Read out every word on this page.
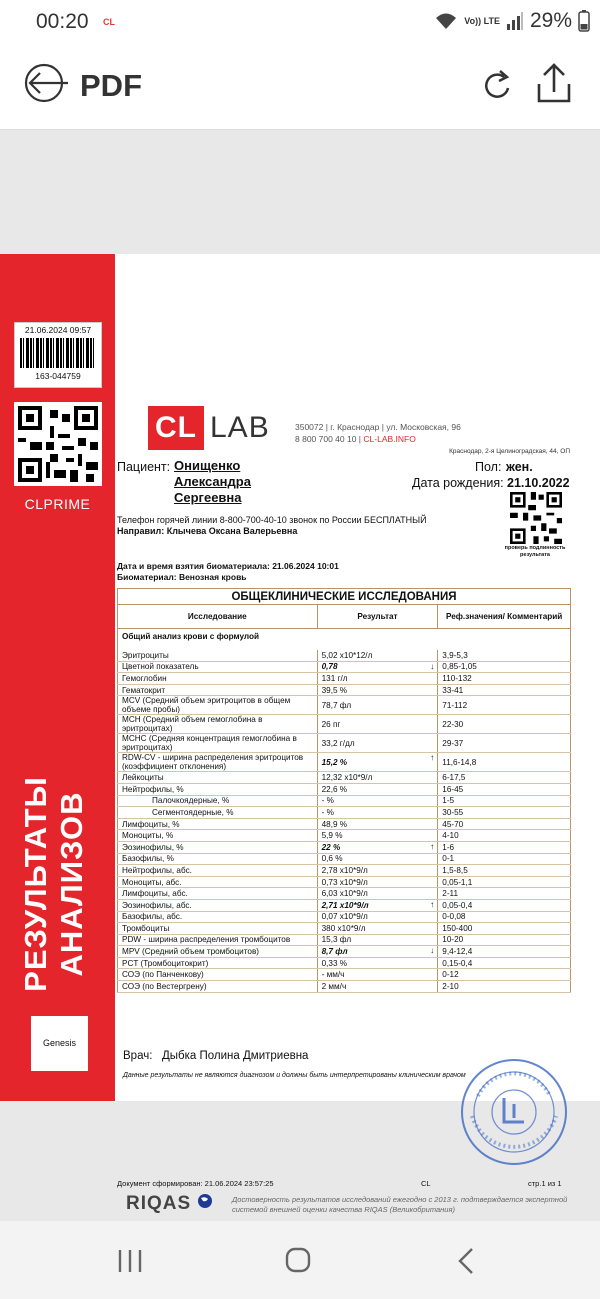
00:20 CL	Vo)) LTE 29%
PDF
21.06.2024 09:57
163-044759
CLPRIME
РЕЗУЛЬТАТЫ АНАЛИЗОВ
Genesis
CL LAB	350072 | г. Краснодар | ул. Московская, 96
8 800 700 40 10 | CL-LAB.INFO
Краснодар, 2-я Целиноградская, 44, ОП
Пациент: Онищенко Александра Сергеевна
Пол: жен.
Дата рождения: 21.10.2022
проверь подлинность результата
Телефон горячей линии 8-800-700-40-10 звонок по России БЕСПЛАТНЫЙ
Направил: Клычева Оксана Валерьевна
Дата и время взятия биоматериала: 21.06.2024 10:01
Биоматериал: Венозная кровь
ОБЩЕКЛИНИЧЕСКИЕ ИССЛЕДОВАНИЯ		
Исследование	Результат	Реф.значения/ Комментарий
Общий анализ крови с формулой		

Эритроциты	5,02 x10*12/л	3,9-5,3
Цветной показатель	0,78 ↓	0,85-1,05
Гемоглобин	131 г/л	110-132
Гематокрит	39,5 %	33-41
MCV (Средний объем эритроцитов в общем объеме пробы)	78,7 фл	71-112
MCH (Средний объем гемоглобина в эритроцитах)	26 пг	22-30
MCHC (Средняя концентрация гемоглобина в эритроцитах)	33,2 г/дл	29-37
RDW-CV - ширина распределения эритроцитов (коэффициент отклонения)	15,2 % ↑	11,6-14,8
Лейкоциты	12,32 x10*9/л	6-17,5
Нейтрофилы, %	22,6 %	16-45
Палочкоядерные, %	- %	1-5
Сегментоядерные, %	- %	30-55
Лимфоциты, %	48,9 %	45-70
Моноциты, %	5,9 %	4-10
Эозинофилы, %	22 % ↑	1-6
Базофилы, %	0,6 %	0-1
Нейтрофилы, абс.	2,78 x10*9/л	1,5-8,5
Моноциты, абс.	0,73 x10*9/л	0,05-1,1
Лимфоциты, абс.	6,03 x10*9/л	2-11
Эозинофилы, абс.	2,71 x10*9/л ↑	0,05-0,4
Базофилы, абс.	0,07 x10*9/л	0-0,08
Тромбоциты	380 x10*9/л	150-400
PDW - ширина распределения тромбоцитов	15,3 фл	10-20
MPV (Средний объем тромбоцитов)	8,7 фл ↓	9,4-12,4
PCT (Тромбоцитокрит)	0,33 %	0,15-0,4
СОЭ (по Панченкову)	- мм/ч	0-12
СОЭ (по Вестергрену)	2 мм/ч	2-10
Врач: Дыбка Полина Дмитриевна
Данные результаты не являются диагнозом и должны быть интерпретированы клиническим врачом
Документ сформирован: 21.06.2024 23:57:25	CL	стр.1 из 1
RIQAS	Достоверность результатов исследований ежегодно с 2013 г. подтверждается экспертной системой внешней оценки качества RIQAS (Великобритания)
